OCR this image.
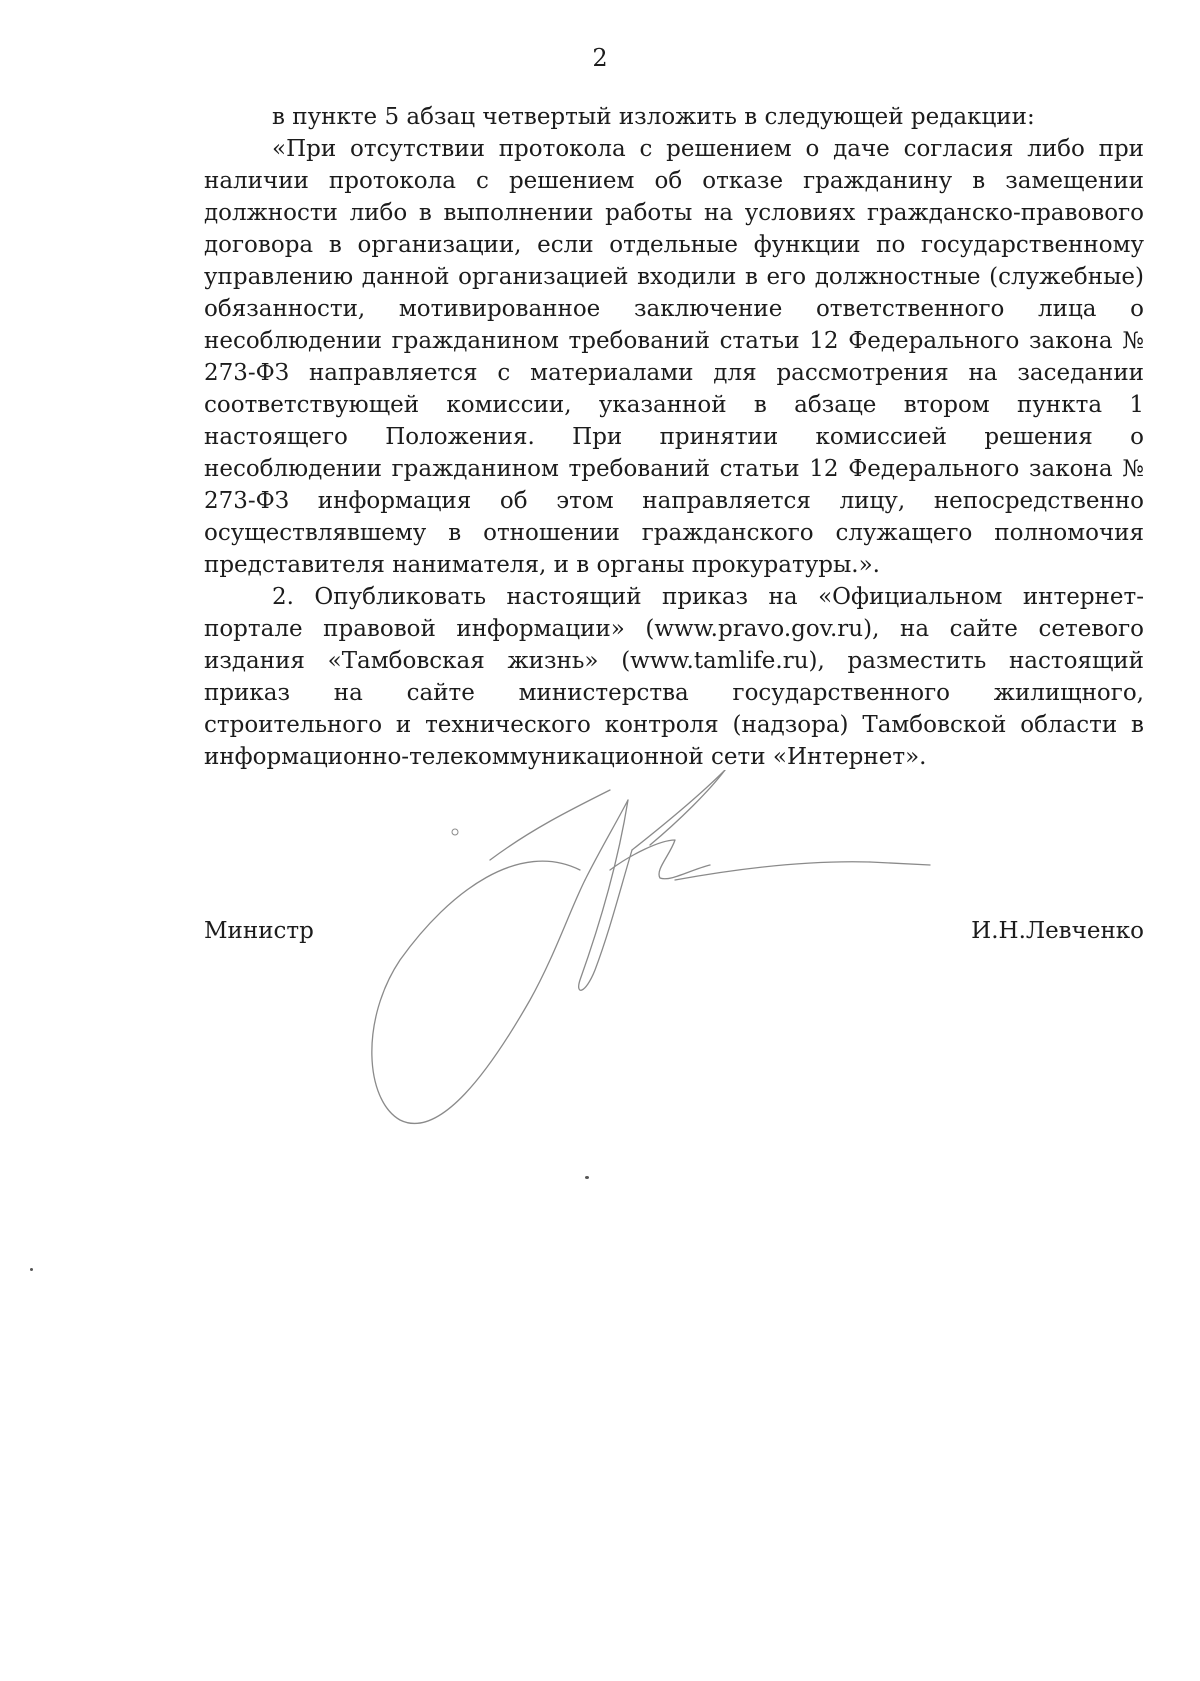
2

в пункте 5 абзац четвертый изложить в следующей редакции:

«При отсутствии протокола с решением о даче согласия либо при наличии протокола с решением об отказе гражданину в замещении должности либо в выполнении работы на условиях гражданско-правового договора в организации, если отдельные функции по государственному управлению данной организацией входили в его должностные (служебные) обязанности, мотивированное заключение ответственного лица о несоблюдении гражданином требований статьи 12 Федерального закона № 273-ФЗ направляется с материалами для рассмотрения на заседании соответствующей комиссии, указанной в абзаце втором пункта 1 настоящего Положения. При принятии комиссией решения о несоблюдении гражданином требований статьи 12 Федерального закона № 273-ФЗ информация об этом направляется лицу, непосредственно осуществлявшему в отношении гражданского служащего полномочия представителя нанимателя, и в органы прокуратуры.».

2. Опубликовать настоящий приказ на «Официальном интернет-портале правовой информации» (www.pravo.gov.ru), на сайте сетевого издания «Тамбовская жизнь» (www.tamlife.ru), разместить настоящий приказ на сайте министерства государственного жилищного, строительного и технического контроля (надзора) Тамбовской области в информационно-телекоммуникационной сети «Интернет».

Министр	И.Н.Левченко
